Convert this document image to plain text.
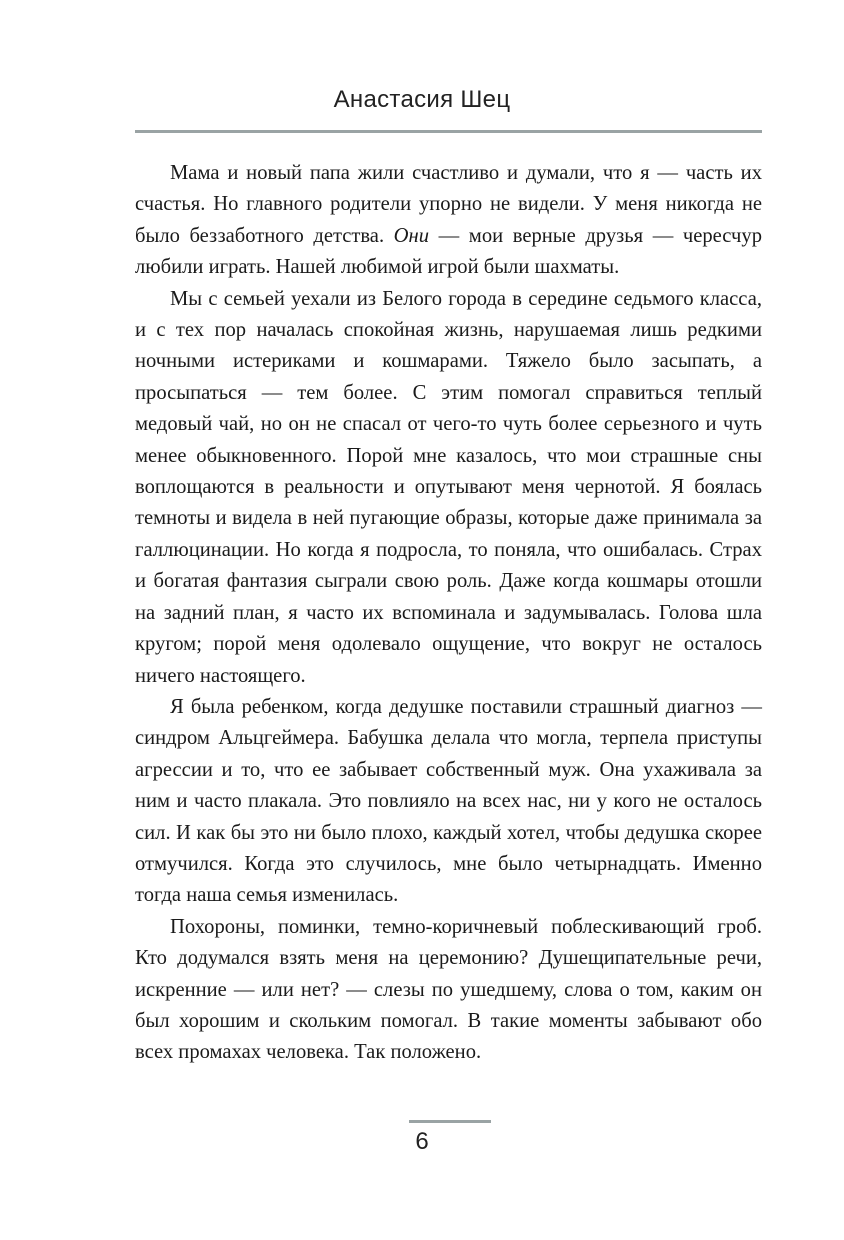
Анастасия Шец

Мама и новый папа жили счастливо и думали, что я — часть их счастья. Но главного родители упорно не видели. У меня никогда не было беззаботного детства. Они — мои верные друзья — чересчур любили играть. Нашей любимой игрой были шахматы.

Мы с семьей уехали из Белого города в середине седьмого класса, и с тех пор началась спокойная жизнь, нарушаемая лишь редкими ночными истериками и кошмарами. Тяжело было засыпать, а просыпаться — тем более. С этим помогал справиться теплый медовый чай, но он не спасал от чего-то чуть более серьезного и чуть менее обыкновенного. Порой мне казалось, что мои страшные сны воплощаются в реальности и опутывают меня чернотой. Я боялась темноты и видела в ней пугающие образы, которые даже принимала за галлюцинации. Но когда я подросла, то поняла, что ошибалась. Страх и богатая фантазия сыграли свою роль. Даже когда кошмары отошли на задний план, я часто их вспоминала и задумывалась. Голова шла кругом; порой меня одолевало ощущение, что вокруг не осталось ничего настоящего.

Я была ребенком, когда дедушке поставили страшный диагноз — синдром Альцгеймера. Бабушка делала что могла, терпела приступы агрессии и то, что ее забывает собственный муж. Она ухаживала за ним и часто плакала. Это повлияло на всех нас, ни у кого не осталось сил. И как бы это ни было плохо, каждый хотел, чтобы дедушка скорее отмучился. Когда это случилось, мне было четырнадцать. Именно тогда наша семья изменилась.

Похороны, поминки, темно-коричневый поблескивающий гроб. Кто додумался взять меня на церемонию? Душещипательные речи, искренние — или нет? — слезы по ушедшему, слова о том, каким он был хорошим и скольким помогал. В такие моменты забывают обо всех промахах человека. Так положено.

6
